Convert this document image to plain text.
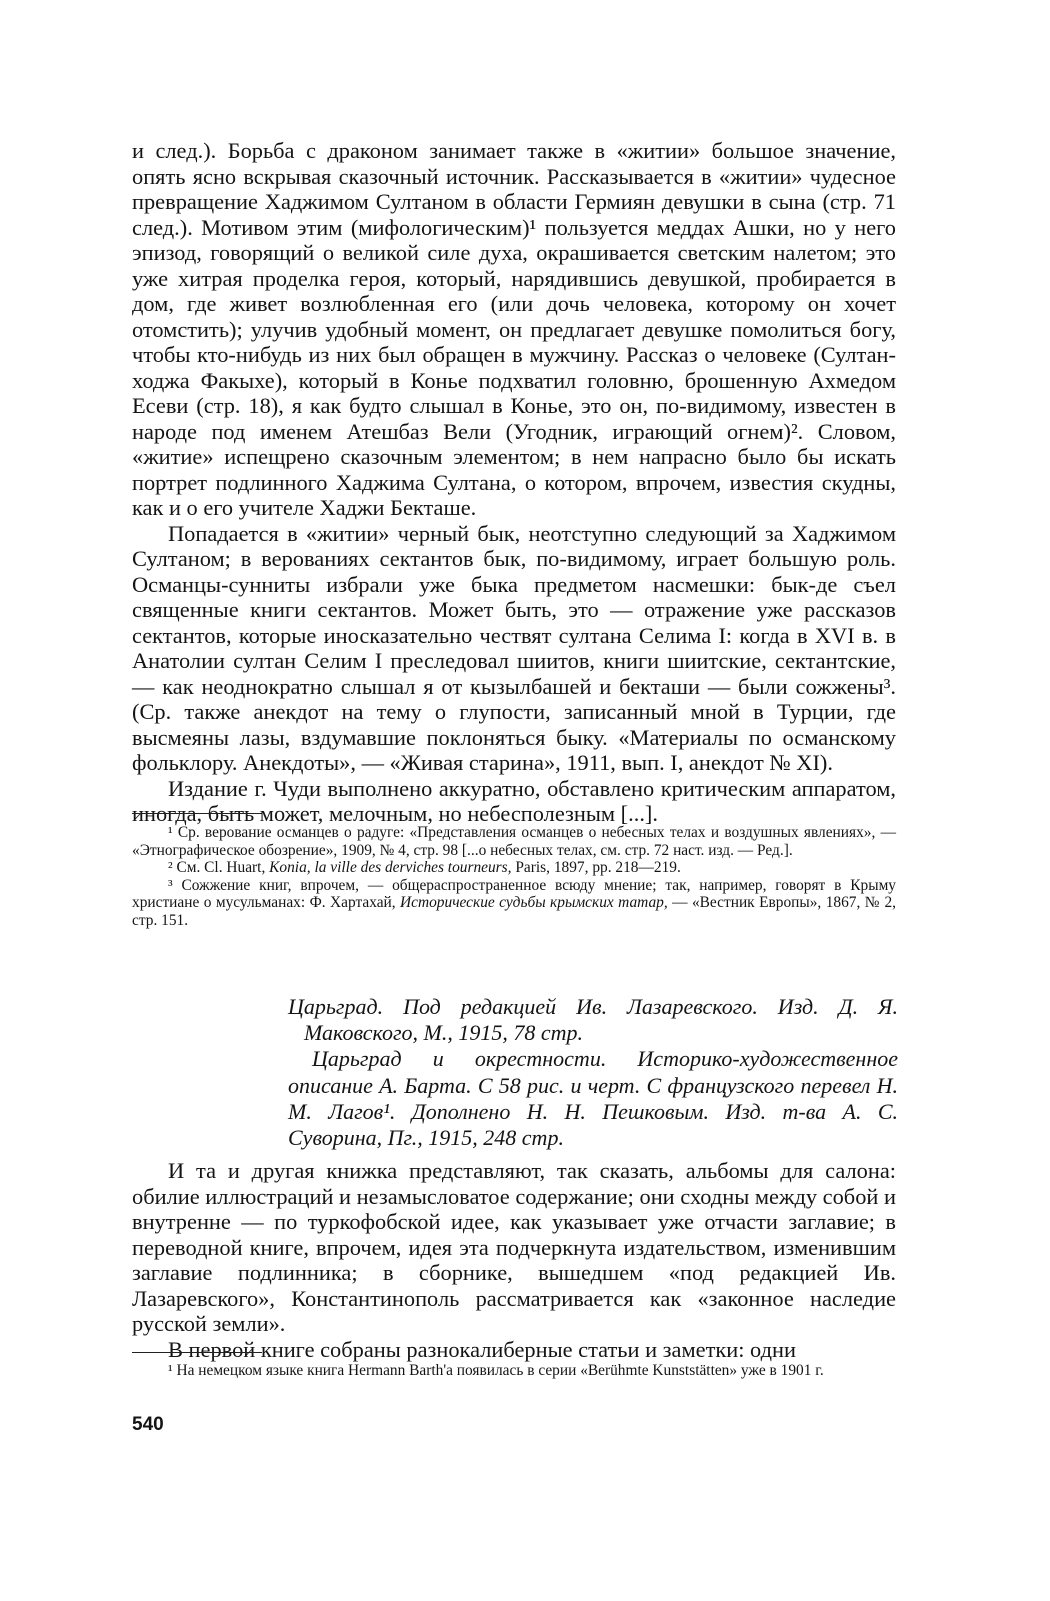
и след.). Борьба с драконом занимает также в «житии» большое значение, опять ясно вскрывая сказочный источник. Рассказывается в «житии» чудесное превращение Хаджимом Султаном в области Гермиян девушки в сына (стр. 71 след.). Мотивом этим (мифологическим)¹ пользуется меддах Ашки, но у него эпизод, говорящий о великой силе духа, окрашивается светским налетом; это уже хитрая проделка героя, который, нарядившись девушкой, пробирается в дом, где живет возлюбленная его (или дочь человека, которому он хочет отомстить); улучив удобный момент, он предлагает девушке помолиться богу, чтобы кто-нибудь из них был обращен в мужчину. Рассказ о человеке (Султан-ходжа Факыхе), который в Конье подхватил головню, брошенную Ахмедом Есеви (стр. 18), я как будто слышал в Конье, это он, по-видимому, известен в народе под именем Атешбаз Вели (Угодник, играющий огнем)². Словом, «житие» испещрено сказочным элементом; в нем напрасно было бы искать портрет подлинного Хаджима Султана, о котором, впрочем, известия скудны, как и о его учителе Хаджи Бекташе.

Попадается в «житии» черный бык, неотступно следующий за Хаджимом Султаном; в верованиях сектантов бык, по-видимому, играет большую роль. Османцы-сунниты избрали уже быка предметом насмешки: бык-де съел священные книги сектантов. Может быть, это — отражение уже рассказов сектантов, которые иносказательно чествят султана Селима I: когда в XVI в. в Анатолии султан Селим I преследовал шиитов, книги шиитские, сектантские, — как неоднократно слышал я от кызылбашей и бекташи — были сожжены³. (Ср. также анекдот на тему о глупости, записанный мной в Турции, где высмеяны лазы, вздумавшие поклоняться быку. «Материалы по османскому фольклору. Анекдоты», — «Живая старина», 1911, вып. I, анекдот № XI).

Издание г. Чуди выполнено аккуратно, обставлено критическим аппаратом, иногда, быть может, мелочным, но небесполезным [...].

¹ Ср. верование османцев о радуге: «Представления османцев о небесных телах и воздушных явлениях», — «Этнографическое обозрение», 1909, № 4, стр. 98 [...о небесных телах, см. стр. 72 наст. изд. — Ред.].

² См. Cl. Huart, Konia, la ville des derviches tourneurs, Paris, 1897, pp. 218—219.

³ Сожжение книг, впрочем, — общераспространенное всюду мнение; так, например, говорят в Крыму христиане о мусульманах: Ф. Хартахай, Исторические судьбы крымских татар, — «Вестник Европы», 1867, № 2, стр. 151.

Царьград. Под редакцией Ив. Лазаревского. Изд. Д. Я. Маковского, М., 1915, 78 стр.

Царьград и окрестности. Историко-художественное описание А. Барта. С 58 рис. и черт. С французского перевел Н. М. Лагов¹. Дополнено Н. Н. Пешковым. Изд. т-ва А. С. Суворина, Пг., 1915, 248 стр.

И та и другая книжка представляют, так сказать, альбомы для салона: обилие иллюстраций и незамысловатое содержание; они сходны между собой и внутренне — по туркофобской идее, как указывает уже отчасти заглавие; в переводной книге, впрочем, идея эта подчеркнута издательством, изменившим заглавие подлинника; в сборнике, вышедшем «под редакцией Ив. Лазаревского», Константинополь рассматривается как «законное наследие русской земли».

В первой книге собраны разнокалиберные статьи и заметки: одни

¹ На немецком языке книга Hermann Barth'а появилась в серии «Berühmte Kunststätten» уже в 1901 г.

540
